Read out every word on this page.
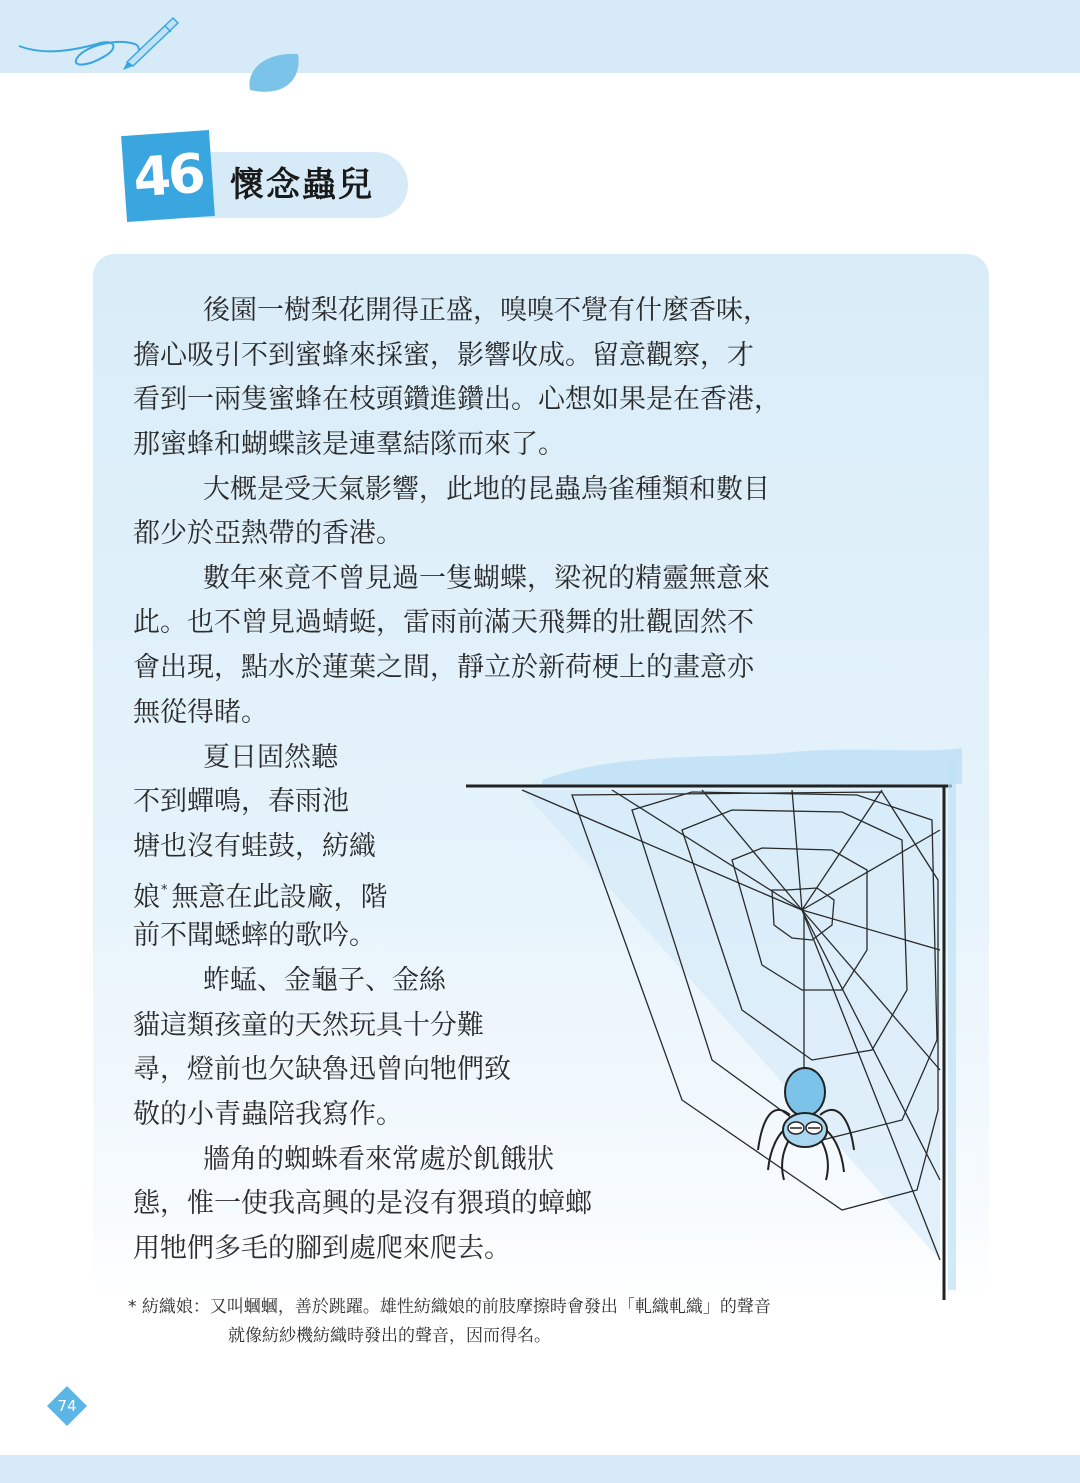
46 懷念蟲兒
後園一樹梨花開得正盛，嗅嗅不覺有什麼香味，
擔心吸引不到蜜蜂來採蜜，影響收成。留意觀察，才
看到一兩隻蜜蜂在枝頭鑽進鑽出。心想如果是在香港，
那蜜蜂和蝴蝶該是連羣結隊而來了。
大概是受天氣影響，此地的昆蟲鳥雀種類和數目
都少於亞熱帶的香港。
數年來竟不曾見過一隻蝴蝶，梁祝的精靈無意來
此。也不曾見過蜻蜓，雷雨前滿天飛舞的壯觀固然不
會出現，點水於蓮葉之間，靜立於新荷梗上的畫意亦
無從得睹。
夏日固然聽
不到蟬鳴，春雨池
塘也沒有蛙鼓，紡織
娘* 無意在此設廠，階
前不聞蟋蟀的歌吟。
蚱蜢、金龜子、金絲
貓這類孩童的天然玩具十分難
尋，燈前也欠缺魯迅曾向牠們致
敬的小青蟲陪我寫作。
牆角的蜘蛛看來常處於飢餓狀
態，惟一使我高興的是沒有猥瑣的蟑螂
用牠們多毛的腳到處爬來爬去。
* 紡織娘：又叫蟈蟈，善於跳躍。雄性紡織娘的前肢摩擦時會發出「軋織軋織」的聲音
就像紡紗機紡織時發出的聲音，因而得名。
74
